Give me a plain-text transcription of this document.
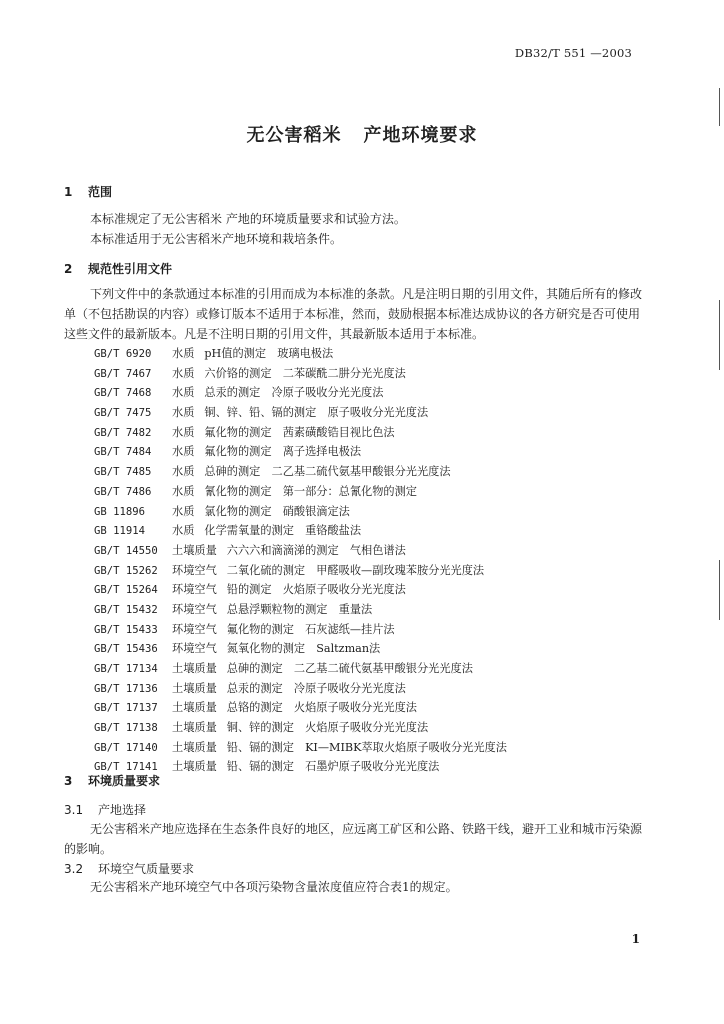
DB32/T 551 —2003
无公害稻米 产地环境要求
1 范围

本标准规定了无公害稻米 产地的环境质量要求和试验方法。

本标准适用于无公害稻米产地环境和栽培条件。

2 规范性引用文件

下列文件中的条款通过本标准的引用而成为本标准的条款。凡是注明日期的引用文件，其随后所有的修改单（不包括勘误的内容）或修订版本不适用于本标准，然而，鼓励根据本标准达成协议的各方研究是否可使用这些文件的最新版本。凡是不注明日期的引用文件，其最新版本适用于本标准。

GB/T 6920 水质 pH值的测定　玻璃电极法
GB/T 7467 水质 六价铬的测定　二苯碳酰二肼分光光度法
GB/T 7468 水质 总汞的测定　冷原子吸收分光光度法
GB/T 7475 水质 铜、锌、铅、镉的测定　原子吸收分光光度法
GB/T 7482 水质 氟化物的测定　茜素磺酸锆目视比色法
GB/T 7484 水质 氟化物的测定　离子选择电极法
GB/T 7485 水质 总砷的测定　二乙基二硫代氨基甲酸银分光光度法
GB/T 7486 水质 氰化物的测定　第一部分：总氰化物的测定
GB 11896 水质 氯化物的测定　硝酸银滴定法
GB 11914 水质 化学需氧量的测定　重铬酸盐法
GB/T 14550 土壤质量 六六六和滴滴涕的测定　气相色谱法
GB/T 15262 环境空气 二氧化硫的测定　甲醛吸收—副玫瑰苯胺分光光度法
GB/T 15264 环境空气 铅的测定　火焰原子吸收分光光度法
GB/T 15432 环境空气 总悬浮颗粒物的测定　重量法
GB/T 15433 环境空气 氟化物的测定　石灰滤纸—挂片法
GB/T 15436 环境空气 氮氧化物的测定　Saltzman法
GB/T 17134 土壤质量 总砷的测定　二乙基二硫代氨基甲酸银分光光度法
GB/T 17136 土壤质量 总汞的测定　冷原子吸收分光光度法
GB/T 17137 土壤质量 总铬的测定　火焰原子吸收分光光度法
GB/T 17138 土壤质量 铜、锌的测定　火焰原子吸收分光光度法
GB/T 17140 土壤质量 铅、镉的测定　KI—MIBK萃取火焰原子吸收分光光度法
GB/T 17141 土壤质量 铅、镉的测定　石墨炉原子吸收分光光度法
3 环境质量要求
3.1 产地选择

无公害稻米产地应选择在生态条件良好的地区，应远离工矿区和公路、铁路干线，避开工业和城市污染源的影响。

3.2 环境空气质量要求

无公害稻米产地环境空气中各项污染物含量浓度值应符合表1的规定。

1
